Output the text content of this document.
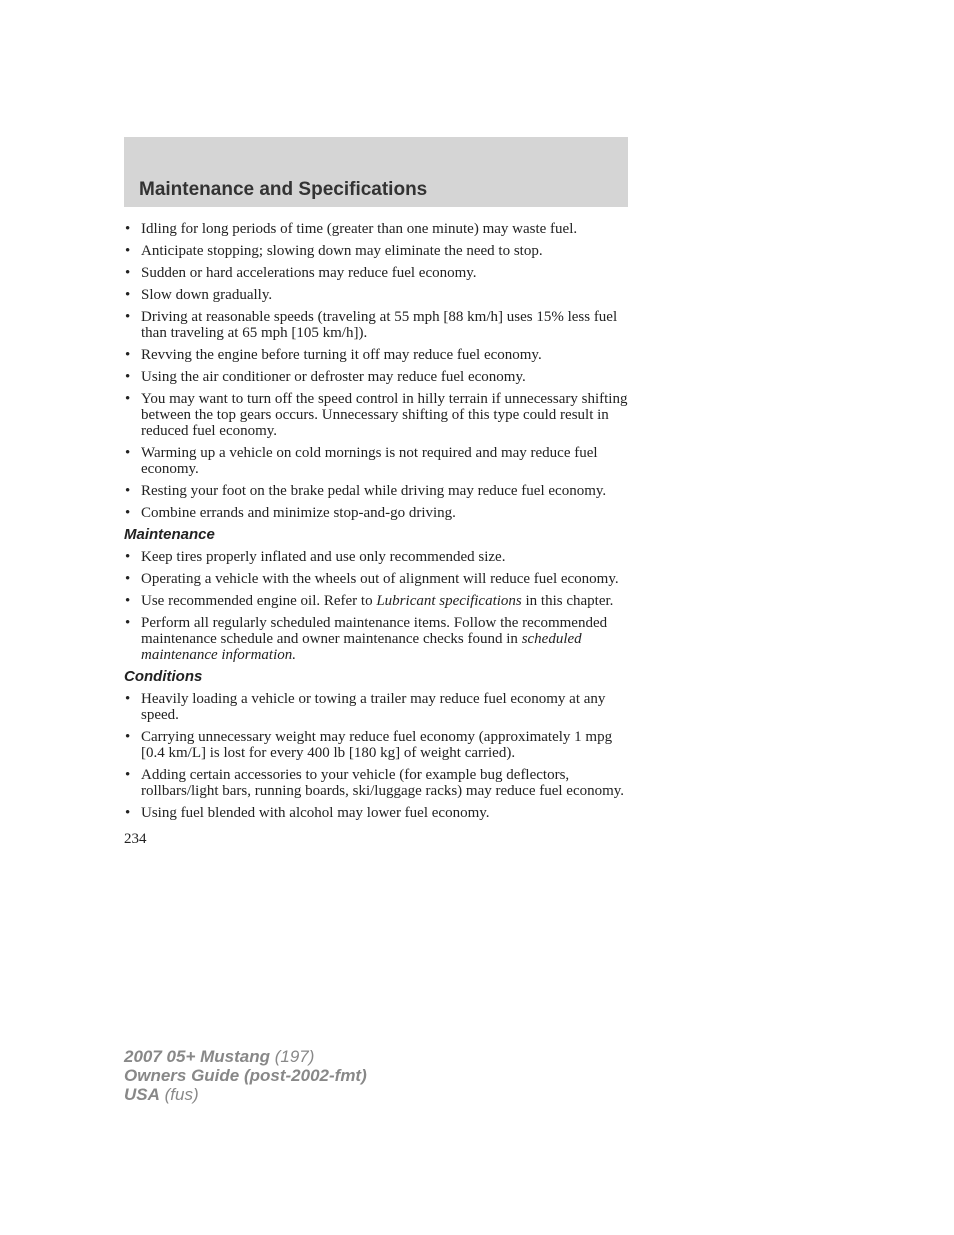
Maintenance and Specifications
• Idling for long periods of time (greater than one minute) may waste fuel.
• Anticipate stopping; slowing down may eliminate the need to stop.
• Sudden or hard accelerations may reduce fuel economy.
• Slow down gradually.
• Driving at reasonable speeds (traveling at 55 mph [88 km/h] uses 15% less fuel than traveling at 65 mph [105 km/h]).
• Revving the engine before turning it off may reduce fuel economy.
• Using the air conditioner or defroster may reduce fuel economy.
• You may want to turn off the speed control in hilly terrain if unnecessary shifting between the top gears occurs. Unnecessary shifting of this type could result in reduced fuel economy.
• Warming up a vehicle on cold mornings is not required and may reduce fuel economy.
• Resting your foot on the brake pedal while driving may reduce fuel economy.
• Combine errands and minimize stop-and-go driving.
Maintenance
• Keep tires properly inflated and use only recommended size.
• Operating a vehicle with the wheels out of alignment will reduce fuel economy.
• Use recommended engine oil. Refer to Lubricant specifications in this chapter.
• Perform all regularly scheduled maintenance items. Follow the recommended maintenance schedule and owner maintenance checks found in scheduled maintenance information.
Conditions
• Heavily loading a vehicle or towing a trailer may reduce fuel economy at any speed.
• Carrying unnecessary weight may reduce fuel economy (approximately 1 mpg [0.4 km/L] is lost for every 400 lb [180 kg] of weight carried).
• Adding certain accessories to your vehicle (for example bug deflectors, rollbars/light bars, running boards, ski/luggage racks) may reduce fuel economy.
• Using fuel blended with alcohol may lower fuel economy.
234
2007 05+ Mustang (197)
Owners Guide (post-2002-fmt)
USA (fus)
